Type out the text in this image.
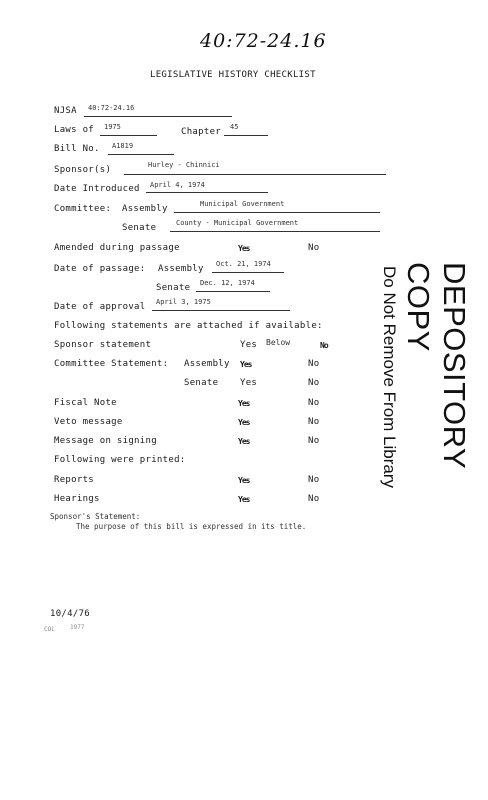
40:72-24.16
LEGISLATIVE HISTORY CHECKLIST
NJSA 40:72-24.16
Laws of 1975	Chapter 45
Bill No. A1819
Sponsor(s)	Hurley - Chinnici
Date Introduced April 4, 1974
Committee: Assembly	Municipal Government
Senate	County - Municipal Government
Amended during passage	Yes	No
Date of passage: Assembly Oct. 21, 1974
Senate Dec. 12, 1974
Date of approval April 3, 1975
Following statements are attached if available:
Sponsor statement	Yes Below	No
Committee Statement: Assembly Yes	No
Senate Yes	No
Fiscal Note	Yes	No
Veto message	Yes	No
Message on signing	Yes	No
Following were printed:
Reports	Yes	No
Hearings	Yes	No
Sponsor's Statement:
The purpose of this bill is expressed in its title.
10/4/76
COL	1977
DEPOSITORY COPY
Do Not Remove From Library
